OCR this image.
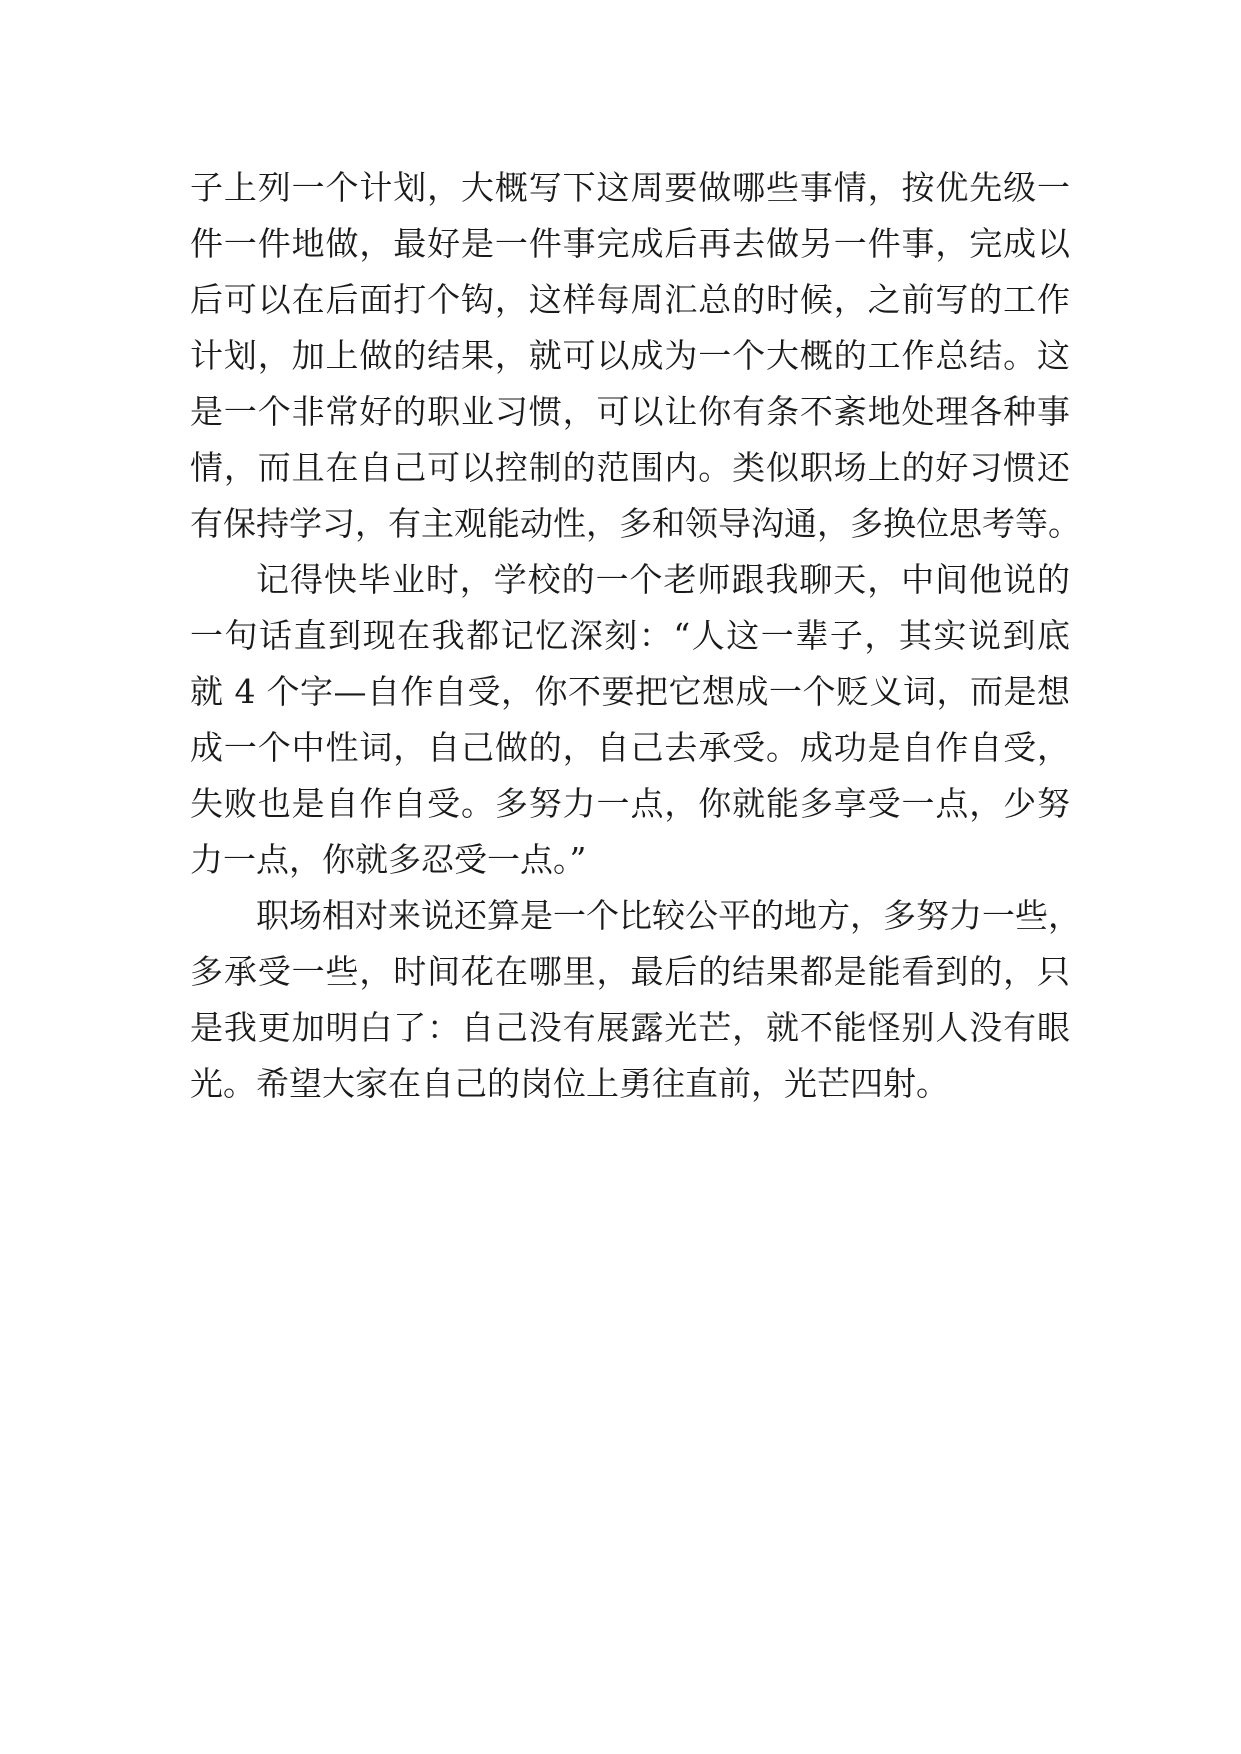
子上列一个计划，大概写下这周要做哪些事情，按优先级一
件一件地做，最好是一件事完成后再去做另一件事，完成以
后可以在后面打个钩，这样每周汇总的时候，之前写的工作
计划，加上做的结果，就可以成为一个大概的工作总结。这
是一个非常好的职业习惯，可以让你有条不紊地处理各种事
情，而且在自己可以控制的范围内。类似职场上的好习惯还
有保持学习，有主观能动性，多和领导沟通，多换位思考等。
记得快毕业时，学校的一个老师跟我聊天，中间他说的
一句话直到现在我都记忆深刻：“人这一辈子，其实说到底
就 4 个字—自作自受，你不要把它想成一个贬义词，而是想
成一个中性词，自己做的，自己去承受。成功是自作自受，
失败也是自作自受。多努力一点，你就能多享受一点，少努
力一点，你就多忍受一点。”
职场相对来说还算是一个比较公平的地方，多努力一些，
多承受一些，时间花在哪里，最后的结果都是能看到的，只
是我更加明白了：自己没有展露光芒，就不能怪别人没有眼
光。希望大家在自己的岗位上勇往直前，光芒四射。
